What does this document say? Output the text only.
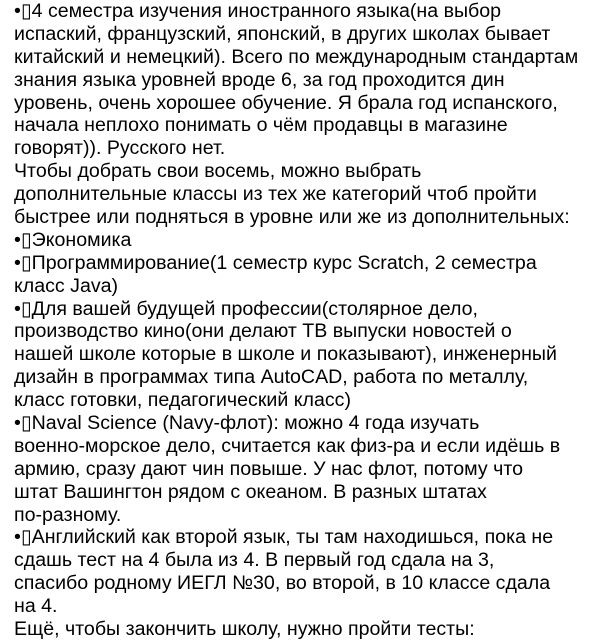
•▯4 семестра изучения иностранного языка(на выбор
испаский, французский, японский, в других школах бывает
китайский и немецкий). Всего по международным стандартам
знания языка уровней вроде 6, за год проходится дин
уровень, очень хорошее обучение. Я брала год испанского,
начала неплохо понимать о чём продавцы в магазине
говорят)). Русского нет.
Чтобы добрать свои восемь, можно выбрать
дополнительные классы из тех же категорий чтоб пройти
быстрее или подняться в уровне или же из дополнительных:
•▯Экономика
•▯Программирование(1 семестр курс Scratch, 2 семестра
класс Java)
•▯Для вашей будущей профессии(столярное дело,
производство кино(они делают ТВ выпуски новостей о
нашей школе которые в школе и показывают), инженерный
дизайн в программах типа AutoCAD, работа по металлу,
класс готовки, педагогический класс)
•▯Naval Science (Navy-флот): можно 4 года изучать
военно-морское дело, считается как физ-ра и если идёшь в
армию, сразу дают чин повыше. У нас флот, потому что
штат Вашингтон рядом с океаном. В разных штатах
по-разному.
•▯Английский как второй язык, ты там находишься, пока не
сдашь тест на 4 была из 4. В первый год сдала на 3,
спасибо родному ИЕГЛ №30, во второй, в 10 классе сдала
на 4.
Ещё, чтобы закончить школу, нужно пройти тесты:
